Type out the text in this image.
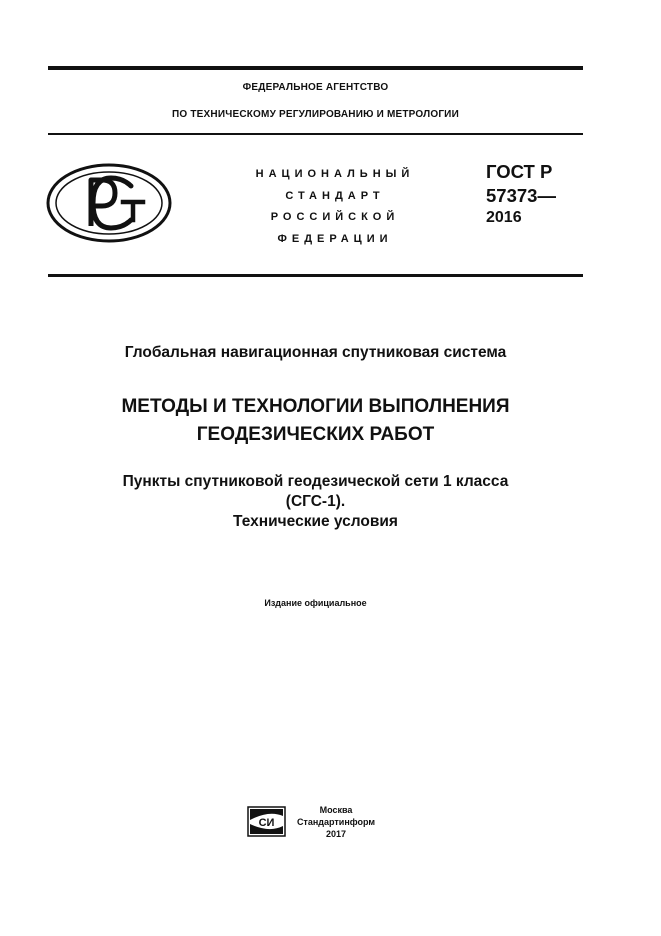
ФЕДЕРАЛЬНОЕ АГЕНТСТВО
ПО ТЕХНИЧЕСКОМУ РЕГУЛИРОВАНИЮ И МЕТРОЛОГИИ
НАЦИОНАЛЬНЫЙ
СТАНДАРТ
РОССИЙСКОЙ
ФЕДЕРАЦИИ
ГОСТ Р
57373—
2016
Глобальная навигационная спутниковая система
МЕТОДЫ И ТЕХНОЛОГИИ ВЫПОЛНЕНИЯ
ГЕОДЕЗИЧЕСКИХ РАБОТ
Пункты спутниковой геодезической сети 1 класса
(СГС-1).
Технические условия
Издание официальное
СИ
Москва
Стандартинформ
2017
